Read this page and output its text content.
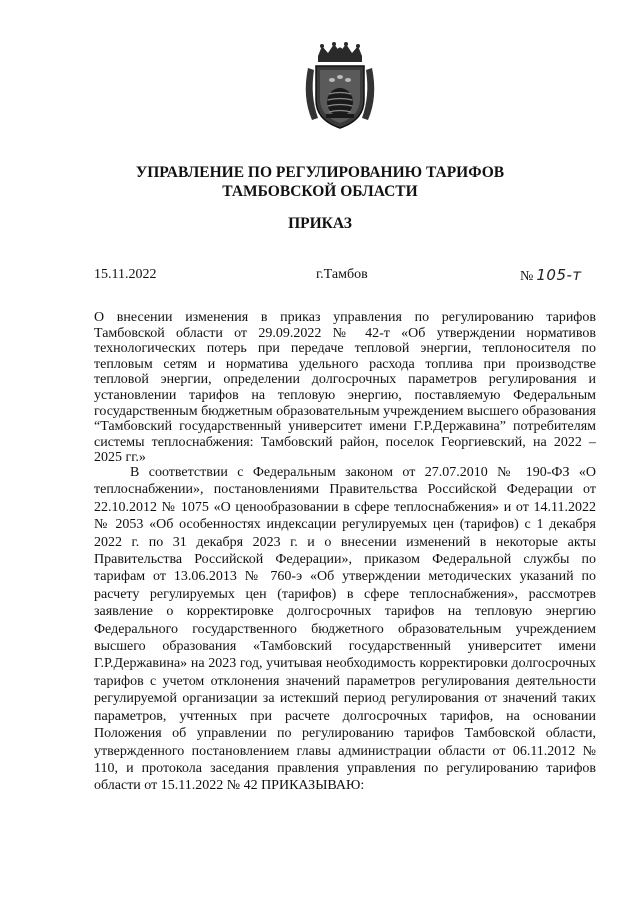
УПРАВЛЕНИЕ ПО РЕГУЛИРОВАНИЮ ТАРИФОВ
ТАМБОВСКОЙ ОБЛАСТИ
ПРИКАЗ
15.11.2022	г.Тамбов	№ 105-т
О внесении изменения в приказ управления по регулированию тарифов Тамбовской области от 29.09.2022 № 42-т «Об утверждении нормативов технологических потерь при передаче тепловой энергии, теплоносителя по тепловым сетям и норматива удельного расхода топлива при производстве тепловой энергии, определении долгосрочных параметров регулирования и установлении тарифов на тепловую энергию, поставляемую Федеральным государственным бюджетным образовательным учреждением высшего образования “Тамбовский государственный университет имени Г.Р.Державина” потребителям системы теплоснабжения: Тамбовский район, поселок Георгиевский, на 2022 – 2025 гг.»
В соответствии с Федеральным законом от 27.07.2010 № 190-ФЗ «О теплоснабжении», постановлениями Правительства Российской Федерации от 22.10.2012 № 1075 «О ценообразовании в сфере теплоснабжения» и от 14.11.2022 № 2053 «Об особенностях индексации регулируемых цен (тарифов) с 1 декабря 2022 г. по 31 декабря 2023 г. и о внесении изменений в некоторые акты Правительства Российской Федерации», приказом Федеральной службы по тарифам от 13.06.2013 № 760-э «Об утверждении методических указаний по расчету регулируемых цен (тарифов) в сфере теплоснабжения», рассмотрев заявление о корректировке долгосрочных тарифов на тепловую энергию Федерального государственного бюджетного образовательным учреждением высшего образования «Тамбовский государственный университет имени Г.Р.Державина» на 2023 год, учитывая необходимость корректировки долгосрочных тарифов с учетом отклонения значений параметров регулирования деятельности регулируемой организации за истекший период регулирования от значений таких параметров, учтенных при расчете долгосрочных тарифов, на основании Положения об управлении по регулированию тарифов Тамбовской области, утвержденного постановлением главы администрации области от 06.11.2012 № 110, и протокола заседания правления управления по регулированию тарифов области от 15.11.2022 № 42 ПРИКАЗЫВАЮ:
